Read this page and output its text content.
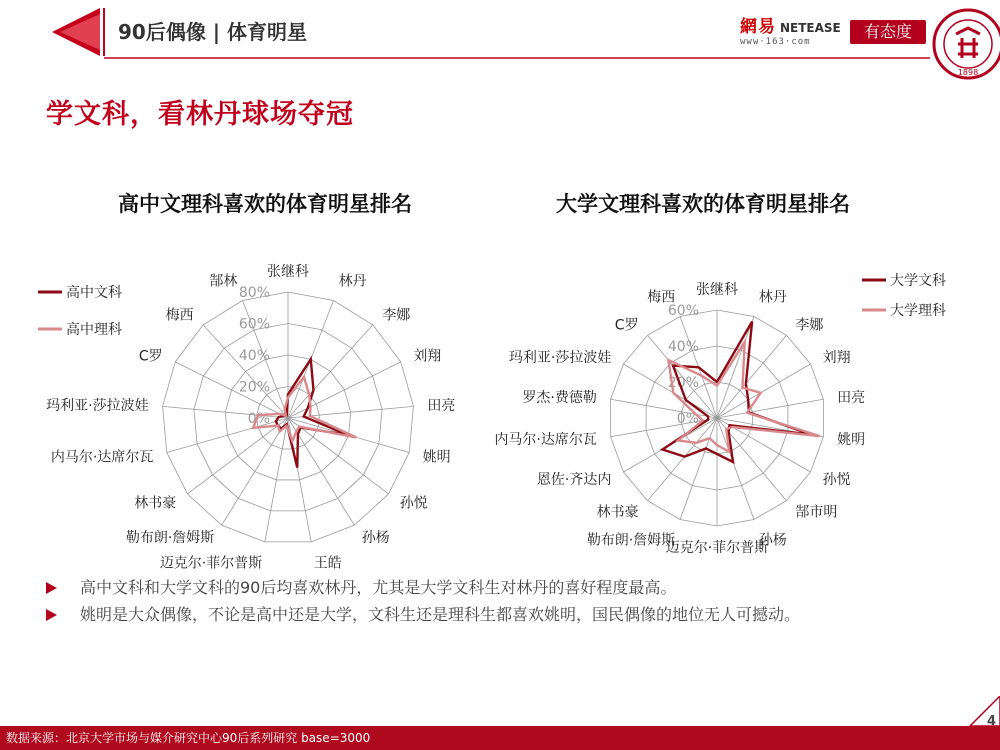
90后偶像 | 体育明星	網易 NETEASE
www·163·com
有态度
1898
学文科，看林丹球场夺冠
高中文理科喜欢的体育明星排名	大学文理科喜欢的体育明星排名
0%
20%
40%
60%
80%
张继科
林丹
李娜
刘翔
田亮
姚明
孙悦
孙杨
王皓
迈克尔·菲尔普斯
勒布朗·詹姆斯
林书豪
内马尔·达席尔瓦
玛利亚·莎拉波娃
C罗
梅西
郜林
高中文科
高中理科
0%
20%
40%
60%
张继科 林丹
李娜
刘翔
田亮
姚明
孙悦
郜市明
孙杨
迈克尔·菲尔普斯
勒布朗·詹姆斯
林书豪
恩佐·齐达内
内马尔·达席尔瓦
罗杰·费德勒
玛利亚·莎拉波娃
C罗
梅西
大学文科
大学理科
高中文科和大学文科的90后均喜欢林丹，尤其是大学文科生对林丹的喜好程度最高。
姚明是大众偶像，不论是高中还是大学，文科生还是理科生都喜欢姚明，国民偶像的地位无人可撼动。
数据来源：北京大学市场与媒介研究中心90后系列研究 base=3000
4
